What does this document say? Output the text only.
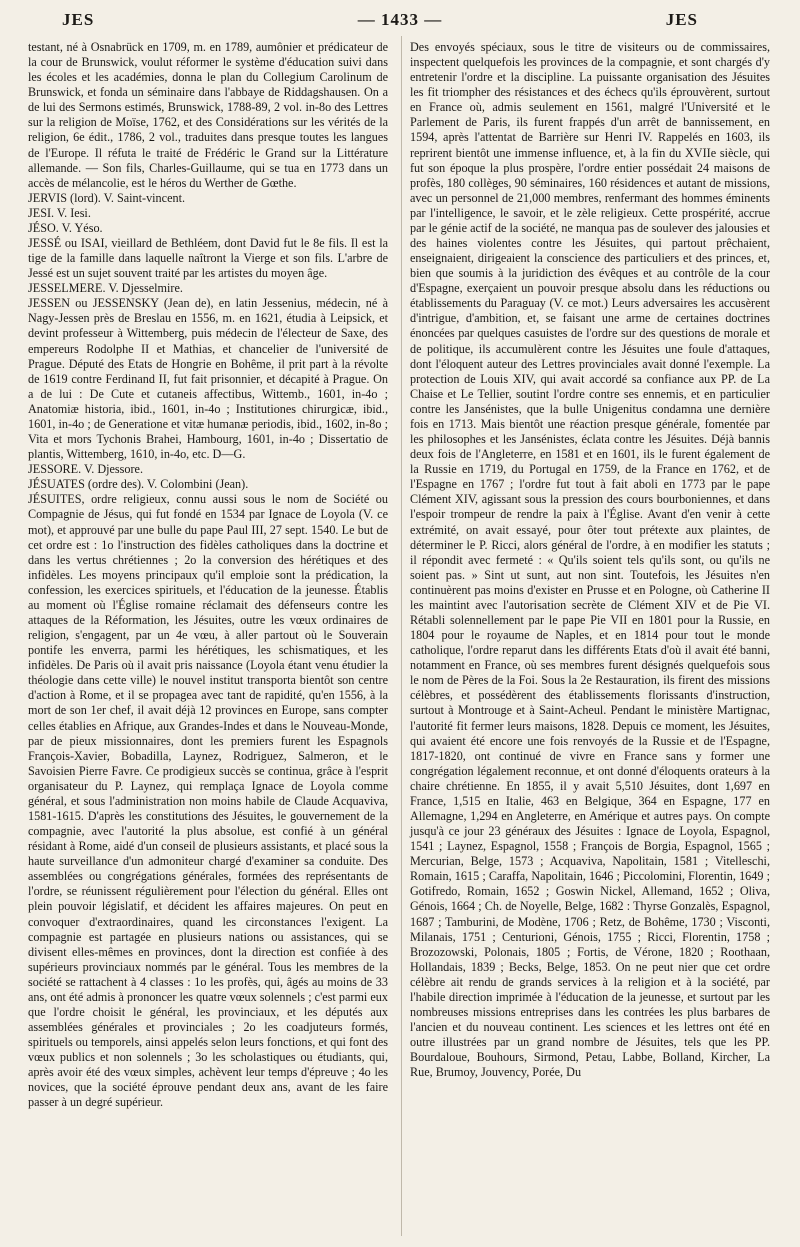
JES	— 1433 —	JES

testant, né à Osnabrück en 1709, m. en 1789, aumônier et prédicateur de la cour de Brunswick, voulut réformer le système d'éducation suivi dans les écoles et les académies, donna le plan du Collegium Carolinum de Brunswick, et fonda un séminaire dans l'abbaye de Riddagshausen. On a de lui des Sermons estimés, Brunswick, 1788-89, 2 vol. in-8o des Lettres sur la religion de Moïse, 1762, et des Considérations sur les vérités de la religion, 6e édit., 1786, 2 vol., traduites dans presque toutes les langues de l'Europe. Il réfuta le traité de Frédéric le Grand sur la Littérature allemande. — Son fils, Charles-Guillaume, qui se tua en 1773 dans un accès de mélancolie, est le héros du Werther de Gœthe.

JERVIS (lord). V. Saint-vincent.

JESI. V. Iesi.

JÉSO. V. Yéso.

JESSÉ ou ISAI, vieillard de Bethléem, dont David fut le 8e fils. Il est la tige de la famille dans laquelle naîtront la Vierge et son fils. L'arbre de Jessé est un sujet souvent traité par les artistes du moyen âge.

JESSELMERE. V. Djesselmire.

JESSEN ou JESSENSKY (Jean de), en latin Jessenius, médecin, né à Nagy-Jessen près de Breslau en 1556, m. en 1621, étudia à Leipsick, et devint professeur à Wittemberg, puis médecin de l'électeur de Saxe, des empereurs Rodolphe II et Mathias, et chancelier de l'université de Prague. Député des Etats de Hongrie en Bohême, il prit part à la révolte de 1619 contre Ferdinand II, fut fait prisonnier, et décapité à Prague. On a de lui : De Cute et cutaneis affectibus, Wittemb., 1601, in-4o ; Anatomiæ historia, ibid., 1601, in-4o ; Institutiones chirurgicæ, ibid., 1601, in-4o ; de Generatione et vitæ humanæ periodis, ibid., 1602, in-8o ; Vita et mors Tychonis Brahei, Hambourg, 1601, in-4o ; Dissertatio de plantis, Wittemberg, 1610, in-4o, etc. D—G.

JESSORE. V. Djessore.

JÉSUATES (ordre des). V. Colombini (Jean).

JÉSUITES, ordre religieux, connu aussi sous le nom de Société ou Compagnie de Jésus, qui fut fondé en 1534 par Ignace de Loyola (V. ce mot), et approuvé par une bulle du pape Paul III, 27 sept. 1540. Le but de cet ordre est : 1o l'instruction des fidèles catholiques dans la doctrine et dans les vertus chrétiennes ; 2o la conversion des hérétiques et des infidèles. Les moyens principaux qu'il emploie sont la prédication, la confession, les exercices spirituels, et l'éducation de la jeunesse. Établis au moment où l'Église romaine réclamait des défenseurs contre les attaques de la Réformation, les Jésuites, outre les vœux ordinaires de religion, s'engagent, par un 4e vœu, à aller partout où le Souverain pontife les enverra, parmi les hérétiques, les schismatiques, et les infidèles. De Paris où il avait pris naissance (Loyola étant venu étudier la théologie dans cette ville) le nouvel institut transporta bientôt son centre d'action à Rome, et il se propagea avec tant de rapidité, qu'en 1556, à la mort de son 1er chef, il avait déjà 12 provinces en Europe, sans compter celles établies en Afrique, aux Grandes-Indes et dans le Nouveau-Monde, par de pieux missionnaires, dont les premiers furent les Espagnols François-Xavier, Bobadilla, Laynez, Rodriguez, Salmeron, et le Savoisien Pierre Favre. Ce prodigieux succès se continua, grâce à l'esprit organisateur du P. Laynez, qui remplaça Ignace de Loyola comme général, et sous l'administration non moins habile de Claude Acquaviva, 1581-1615. D'après les constitutions des Jésuites, le gouvernement de la compagnie, avec l'autorité la plus absolue, est confié à un général résidant à Rome, aidé d'un conseil de plusieurs assistants, et placé sous la haute surveillance d'un admoniteur chargé d'examiner sa conduite. Des assemblées ou congrégations générales, formées des représentants de l'ordre, se réunissent régulièrement pour l'élection du général. Elles ont plein pouvoir législatif, et décident les affaires majeures. On peut en convoquer d'extraordinaires, quand les circonstances l'exigent. La compagnie est partagée en plusieurs nations ou assistances, qui se divisent elles-mêmes en provinces, dont la direction est confiée à des supérieurs provinciaux nommés par le général. Tous les membres de la société se rattachent à 4 classes : 1o les profès, qui, âgés au moins de 33 ans, ont été admis à prononcer les quatre vœux solennels ; c'est parmi eux que l'ordre choisit le général, les provinciaux, et les députés aux assemblées générales et provinciales ; 2o les coadjuteurs formés, spirituels ou temporels, ainsi appelés selon leurs fonctions, et qui font des vœux publics et non solennels ; 3o les scholastiques ou étudiants, qui, après avoir été des vœux simples, achèvent leur temps d'épreuve ; 4o les novices, que la société éprouve pendant deux ans, avant de les faire passer à un degré supérieur.

Des envoyés spéciaux, sous le titre de visiteurs ou de commissaires, inspectent quelquefois les provinces de la compagnie, et sont chargés d'y entretenir l'ordre et la discipline. La puissante organisation des Jésuites les fit triompher des résistances et des échecs qu'ils éprouvèrent, surtout en France où, admis seulement en 1561, malgré l'Université et le Parlement de Paris, ils furent frappés d'un arrêt de bannissement, en 1594, après l'attentat de Barrière sur Henri IV. Rappelés en 1603, ils reprirent bientôt une immense influence, et, à la fin du XVIIe siècle, qui fut son époque la plus prospère, l'ordre entier possédait 24 maisons de profès, 180 collèges, 90 séminaires, 160 résidences et autant de missions, avec un personnel de 21,000 membres, renfermant des hommes éminents par l'intelligence, le savoir, et le zèle religieux. Cette prospérité, accrue par le génie actif de la société, ne manqua pas de soulever des jalousies et des haines violentes contre les Jésuites, qui partout prêchaient, enseignaient, dirigeaient la conscience des particuliers et des princes, et, bien que soumis à la juridiction des évêques et au contrôle de la cour d'Espagne, exerçaient un pouvoir presque absolu dans les réductions ou établissements du Paraguay (V. ce mot.) Leurs adversaires les accusèrent d'intrigue, d'ambition, et, se faisant une arme de certaines doctrines énoncées par quelques casuistes de l'ordre sur des questions de morale et de politique, ils accumulèrent contre les Jésuites une foule d'attaques, dont l'éloquent auteur des Lettres provinciales avait donné l'exemple. La protection de Louis XIV, qui avait accordé sa confiance aux PP. de La Chaise et Le Tellier, soutint l'ordre contre ses ennemis, et en particulier contre les Jansénistes, que la bulle Unigenitus condamna une dernière fois en 1713. Mais bientôt une réaction presque générale, fomentée par les philosophes et les Jansénistes, éclata contre les Jésuites. Déjà bannis deux fois de l'Angleterre, en 1581 et en 1601, ils le furent également de la Russie en 1719, du Portugal en 1759, de la France en 1762, et de l'Espagne en 1767 ; l'ordre fut tout à fait aboli en 1773 par le pape Clément XIV, agissant sous la pression des cours bourboniennes, et dans l'espoir trompeur de rendre la paix à l'Église. Avant d'en venir à cette extrémité, on avait essayé, pour ôter tout prétexte aux plaintes, de déterminer le P. Ricci, alors général de l'ordre, à en modifier les statuts ; il répondit avec fermeté : « Qu'ils soient tels qu'ils sont, ou qu'ils ne soient pas. » Sint ut sunt, aut non sint. Toutefois, les Jésuites n'en continuèrent pas moins d'exister en Prusse et en Pologne, où Catherine II les maintint avec l'autorisation secrète de Clément XIV et de Pie VI. Rétabli solennellement par le pape Pie VII en 1801 pour la Russie, en 1804 pour le royaume de Naples, et en 1814 pour tout le monde catholique, l'ordre reparut dans les différents Etats d'où il avait été banni, notamment en France, où ses membres furent désignés quelquefois sous le nom de Pères de la Foi. Sous la 2e Restauration, ils firent des missions célèbres, et possédèrent des établissements florissants d'instruction, surtout à Montrouge et à Saint-Acheul. Pendant le ministère Martignac, l'autorité fit fermer leurs maisons, 1828. Depuis ce moment, les Jésuites, qui avaient été encore une fois renvoyés de la Russie et de l'Espagne, 1817-1820, ont continué de vivre en France sans y former une congrégation légalement reconnue, et ont donné d'éloquents orateurs à la chaire chrétienne. En 1855, il y avait 5,510 Jésuites, dont 1,697 en France, 1,515 en Italie, 463 en Belgique, 364 en Espagne, 177 en Allemagne, 1,294 en Angleterre, en Amérique et autres pays. On compte jusqu'à ce jour 23 généraux des Jésuites : Ignace de Loyola, Espagnol, 1541 ; Laynez, Espagnol, 1558 ; François de Borgia, Espagnol, 1565 ; Mercurian, Belge, 1573 ; Acquaviva, Napolitain, 1581 ; Vitelleschi, Romain, 1615 ; Caraffa, Napolitain, 1646 ; Piccolomini, Florentin, 1649 ; Gotifredo, Romain, 1652 ; Goswin Nickel, Allemand, 1652 ; Oliva, Génois, 1664 ; Ch. de Noyelle, Belge, 1682 : Thyrse Gonzalès, Espagnol, 1687 ; Tamburini, de Modène, 1706 ; Retz, de Bohême, 1730 ; Visconti, Milanais, 1751 ; Centurioni, Génois, 1755 ; Ricci, Florentin, 1758 ; Brozozowski, Polonais, 1805 ; Fortis, de Vérone, 1820 ; Roothaan, Hollandais, 1839 ; Becks, Belge, 1853. On ne peut nier que cet ordre célèbre ait rendu de grands services à la religion et à la société, par l'habile direction imprimée à l'éducation de la jeunesse, et surtout par les nombreuses missions entreprises dans les contrées les plus barbares de l'ancien et du nouveau continent. Les sciences et les lettres ont été en outre illustrées par un grand nombre de Jésuites, tels que les PP. Bourdaloue, Bouhours, Sirmond, Petau, Labbe, Bolland, Kircher, La Rue, Brumoy, Jouvency, Porée, Du
